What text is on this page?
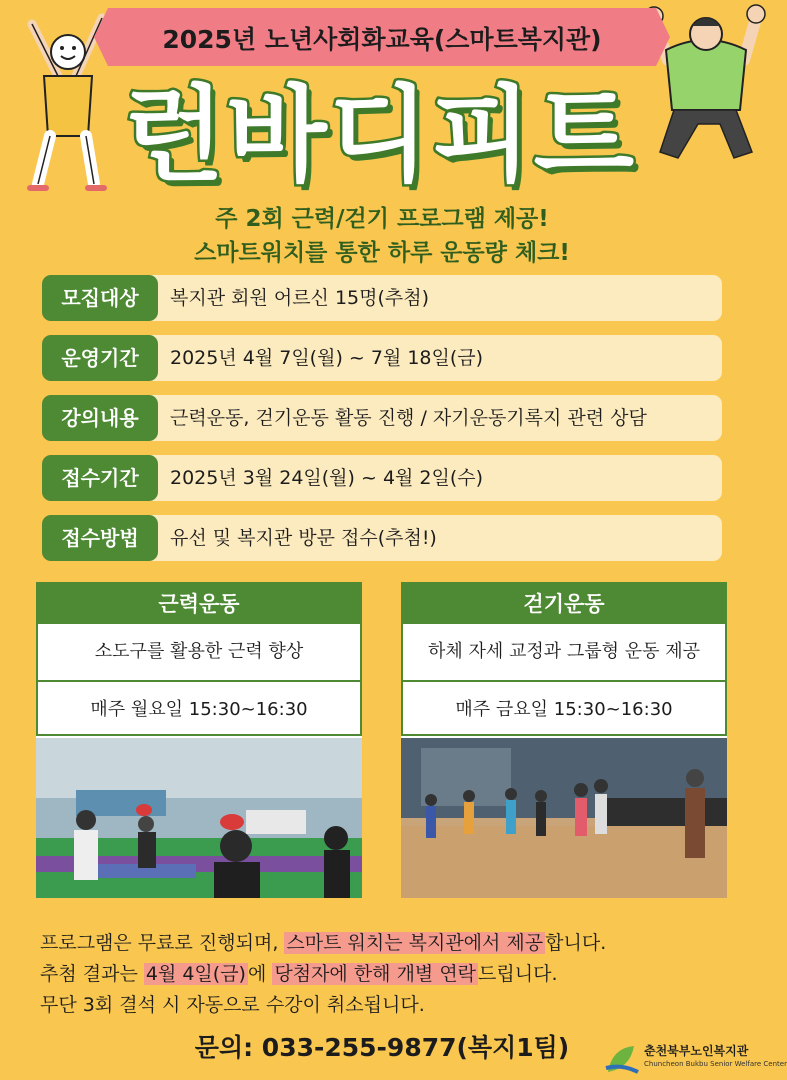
2025년 노년사회화교육(스마트복지관)
런바디피트
주 2회 근력/걷기 프로그램 제공!
스마트워치를 통한 하루 운동량 체크!
모집대상	복지관 회원 어르신 15명(추첨)
운영기간	2025년 4월 7일(월) ~ 7월 18일(금)
강의내용	근력운동, 걷기운동 활동 진행 / 자기운동기록지 관련 상담
접수기간	2025년 3월 24일(월) ~ 4월 2일(수)
접수방법	유선 및 복지관 방문 접수(추첨!)
근력운동
소도구를 활용한 근력 향상
매주 월요일 15:30~16:30
걷기운동
하체 자세 교정과 그룹형 운동 제공
매주 금요일 15:30~16:30
프로그램은 무료로 진행되며, 스마트 워치는 복지관에서 제공 합니다.
추첨 결과는 4월 4일(금) 에 당첨자에 한해 개별 연락 드립니다.
무단 3회 결석 시 자동으로 수강이 취소됩니다.
문의: 033-255-9877(복지1팀)	춘천북부노인복지관
Chuncheon Bukbu Senior Welfare Center
